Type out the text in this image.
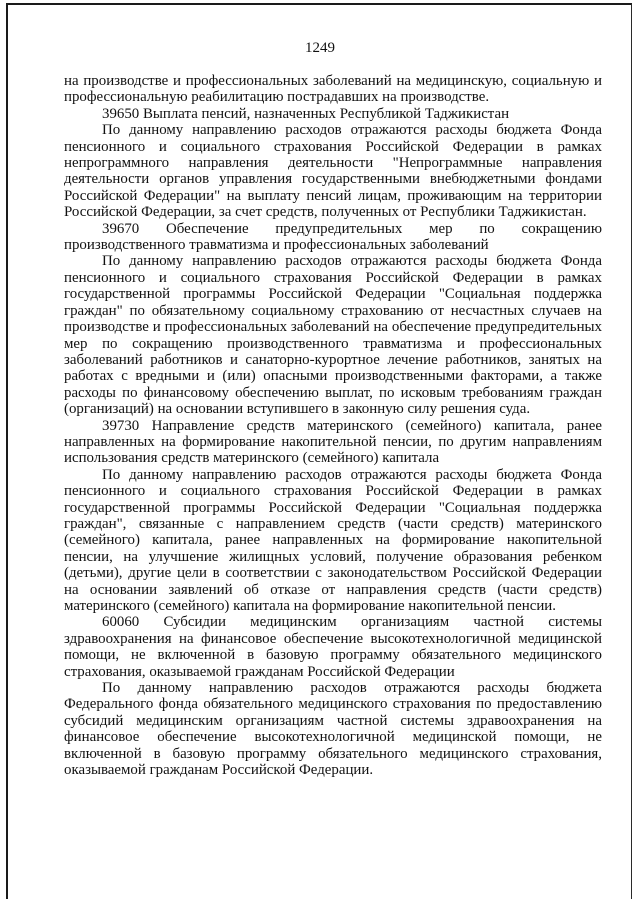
1249

на производстве и профессиональных заболеваний на медицинскую, социальную и профессиональную реабилитацию пострадавших на производстве.

39650 Выплата пенсий, назначенных Республикой Таджикистан

По данному направлению расходов отражаются расходы бюджета Фонда пенсионного и социального страхования Российской Федерации в рамках непрограммного направления деятельности "Непрограммные направления деятельности органов управления государственными внебюджетными фондами Российской Федерации" на выплату пенсий лицам, проживающим на территории Российской Федерации, за счет средств, полученных от Республики Таджикистан.

39670 Обеспечение предупредительных мер по сокращению производственного травматизма и профессиональных заболеваний

По данному направлению расходов отражаются расходы бюджета Фонда пенсионного и социального страхования Российской Федерации в рамках государственной программы Российской Федерации "Социальная поддержка граждан" по обязательному социальному страхованию от несчастных случаев на производстве и профессиональных заболеваний на обеспечение предупредительных мер по сокращению производственного травматизма и профессиональных заболеваний работников и санаторно-курортное лечение работников, занятых на работах с вредными и (или) опасными производственными факторами, а также расходы по финансовому обеспечению выплат, по исковым требованиям граждан (организаций) на основании вступившего в законную силу решения суда.

39730 Направление средств материнского (семейного) капитала, ранее направленных на формирование накопительной пенсии, по другим направлениям использования средств материнского (семейного) капитала

По данному направлению расходов отражаются расходы бюджета Фонда пенсионного и социального страхования Российской Федерации в рамках государственной программы Российской Федерации "Социальная поддержка граждан", связанные с направлением средств (части средств) материнского (семейного) капитала, ранее направленных на формирование накопительной пенсии, на улучшение жилищных условий, получение образования ребенком (детьми), другие цели в соответствии с законодательством Российской Федерации на основании заявлений об отказе от направления средств (части средств) материнского (семейного) капитала на формирование накопительной пенсии.

60060 Субсидии медицинским организациям частной системы здравоохранения на финансовое обеспечение высокотехнологичной медицинской помощи, не включенной в базовую программу обязательного медицинского страхования, оказываемой гражданам Российской Федерации

По данному направлению расходов отражаются расходы бюджета Федерального фонда обязательного медицинского страхования по предоставлению субсидий медицинским организациям частной системы здравоохранения на финансовое обеспечение высокотехнологичной медицинской помощи, не включенной в базовую программу обязательного медицинского страхования, оказываемой гражданам Российской Федерации.
